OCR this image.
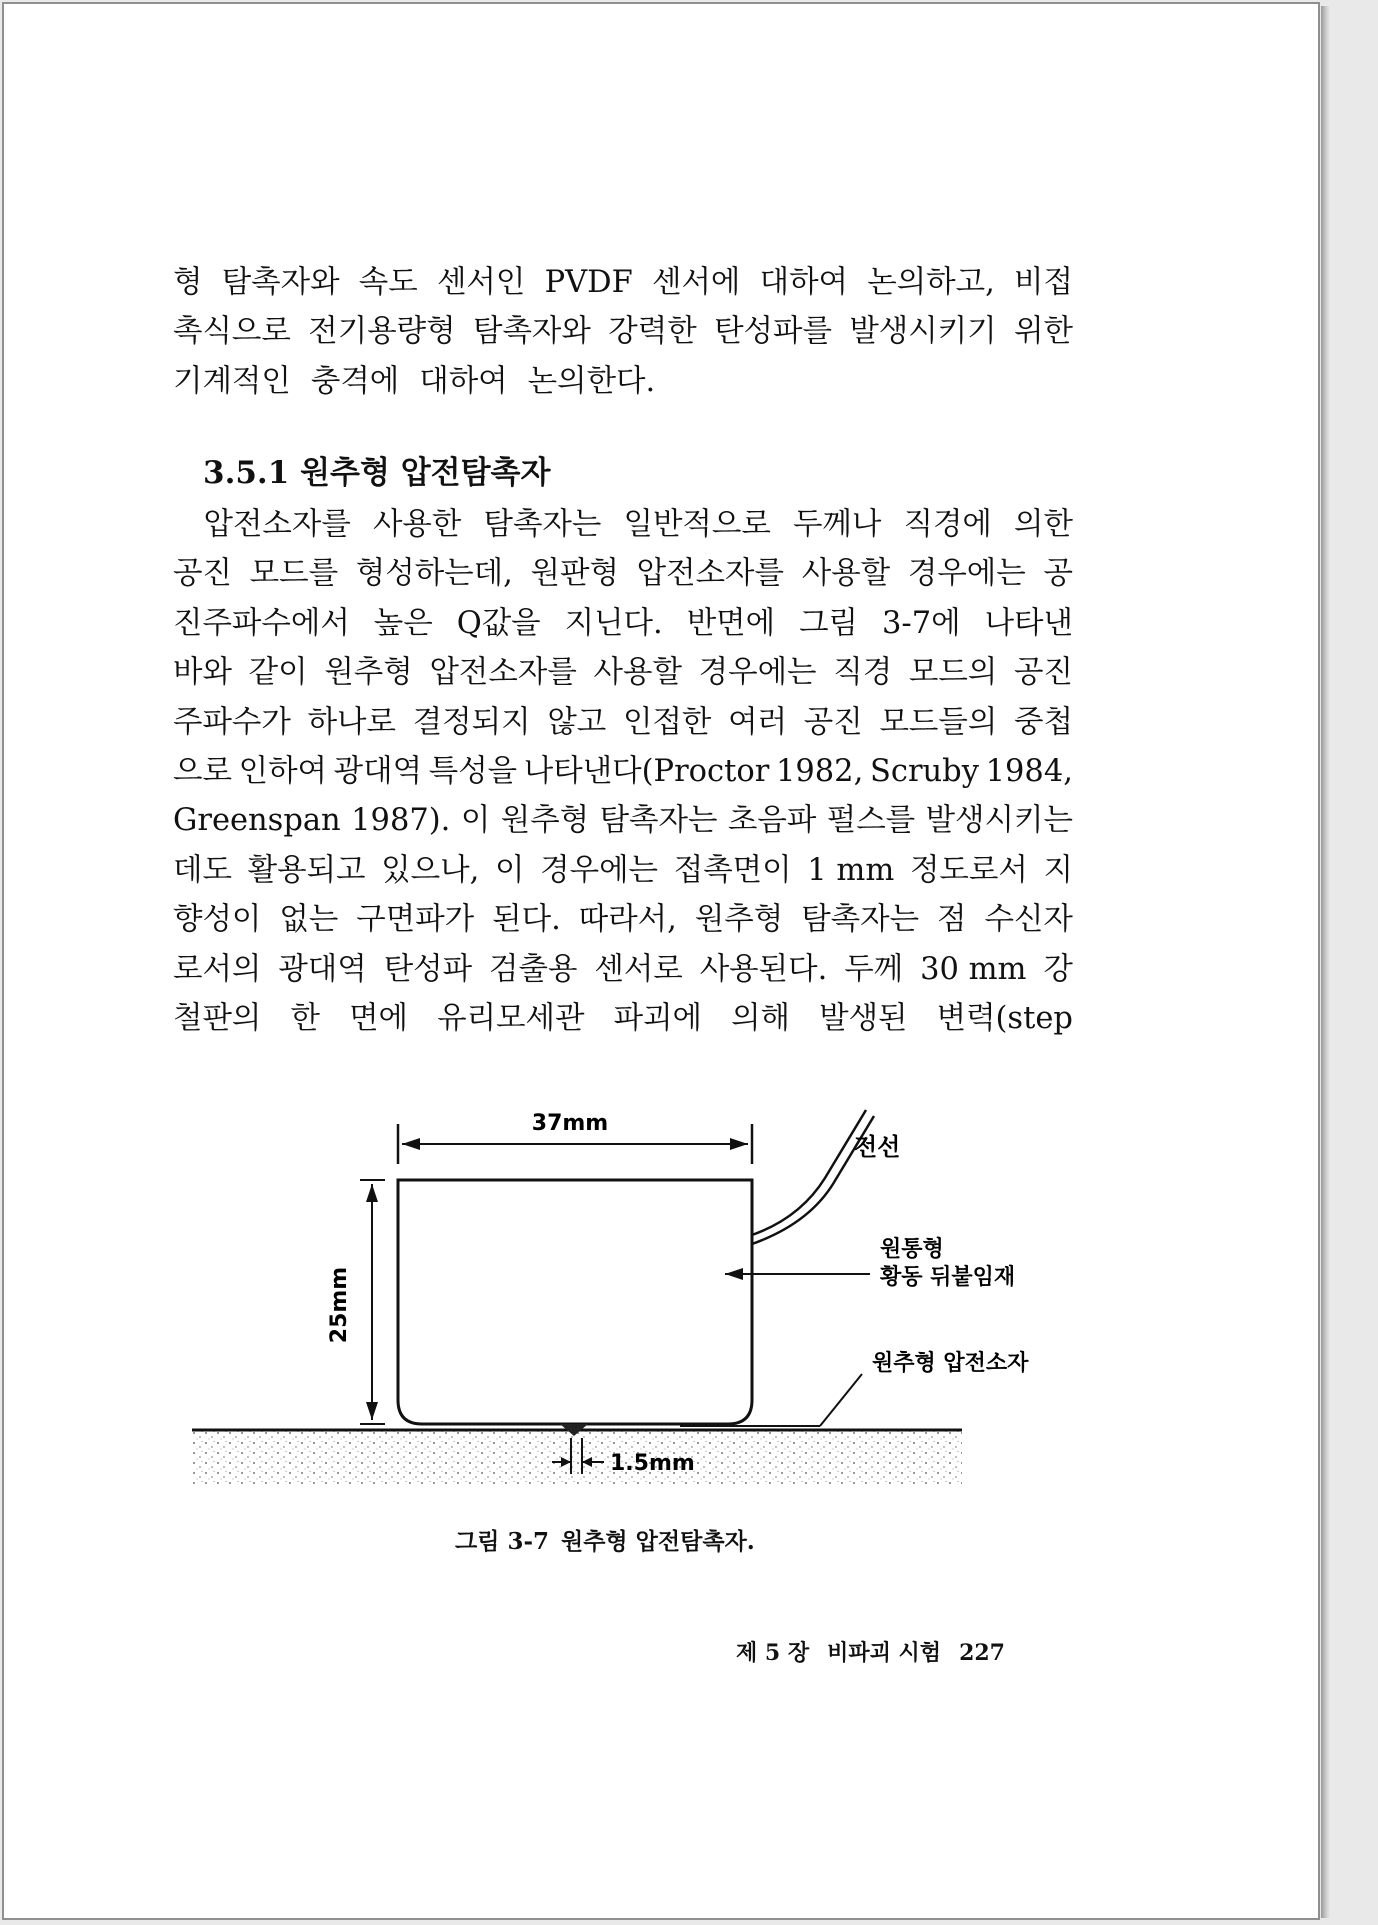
형 탐촉자와 속도 센서인 PVDF 센서에 대하여 논의하고, 비접
촉식으로 전기용량형 탐촉자와 강력한 탄성파를 발생시키기 위한
기계적인 충격에 대하여 논의한다.
3.5.1 원추형 압전탐촉자
　압전소자를 사용한 탐촉자는 일반적으로 두께나 직경에 의한
공진 모드를 형성하는데, 원판형 압전소자를 사용할 경우에는 공
진주파수에서 높은 Q값을 지닌다. 반면에 그림 3-7에 나타낸
바와 같이 원추형 압전소자를 사용할 경우에는 직경 모드의 공진
주파수가 하나로 결정되지 않고 인접한 여러 공진 모드들의 중첩
으로 인하여 광대역 특성을 나타낸다(Proctor 1982, Scruby 1984,
Greenspan 1987). 이 원추형 탐촉자는 초음파 펄스를 발생시키는
데도 활용되고 있으나, 이 경우에는 접촉면이 1 mm 정도로서 지
향성이 없는 구면파가 된다. 따라서, 원추형 탐촉자는 점 수신자
로서의 광대역 탄성파 검출용 센서로 사용된다. 두께 30 mm 강
철판의 한 면에 유리모세관 파괴에 의해 발생된 변력(step
37mm
25mm
1.5mm
전선
원통형
황동 뒤붙임재
원추형 압전소자
그림 3-7 원추형 압전탐촉자.
제 5 장 비파괴 시험 227
